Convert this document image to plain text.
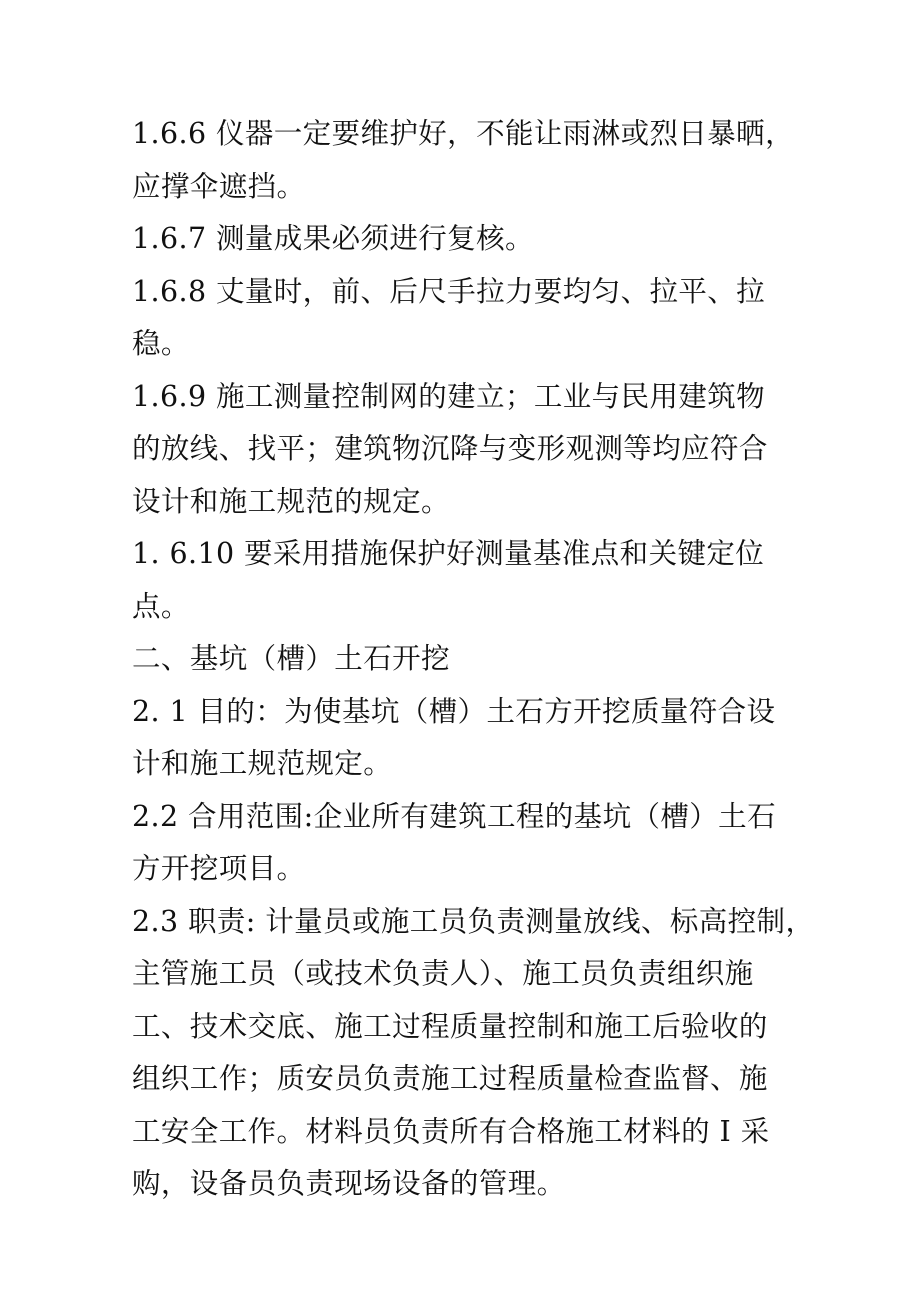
1.6.6 仪器一定要维护好，不能让雨淋或烈日暴晒，
应撑伞遮挡。
1.6.7 测量成果必须进行复核。
1.6.8 丈量时，前、后尺手拉力要均匀、拉平、拉
稳。
1.6.9 施工测量控制网的建立；工业与民用建筑物
的放线、找平；建筑物沉降与变形观测等均应符合
设计和施工规范的规定。
1. 6.10 要采用措施保护好测量基准点和关键定位
点。
二、基坑（槽）土石开挖
2. 1 目的：为使基坑（槽）土石方开挖质量符合设
计和施工规范规定。
2.2 合用范围:企业所有建筑工程的基坑（槽）土石
方开挖项目。
2.3 职责: 计量员或施工员负责测量放线、标高控制，
主管施工员（或技术负责人）、施工员负责组织施
工、技术交底、施工过程质量控制和施工后验收的
组织工作；质安员负责施工过程质量检查监督、施
工安全工作。材料员负责所有合格施工材料的 I 采
购，设备员负责现场设备的管理。
